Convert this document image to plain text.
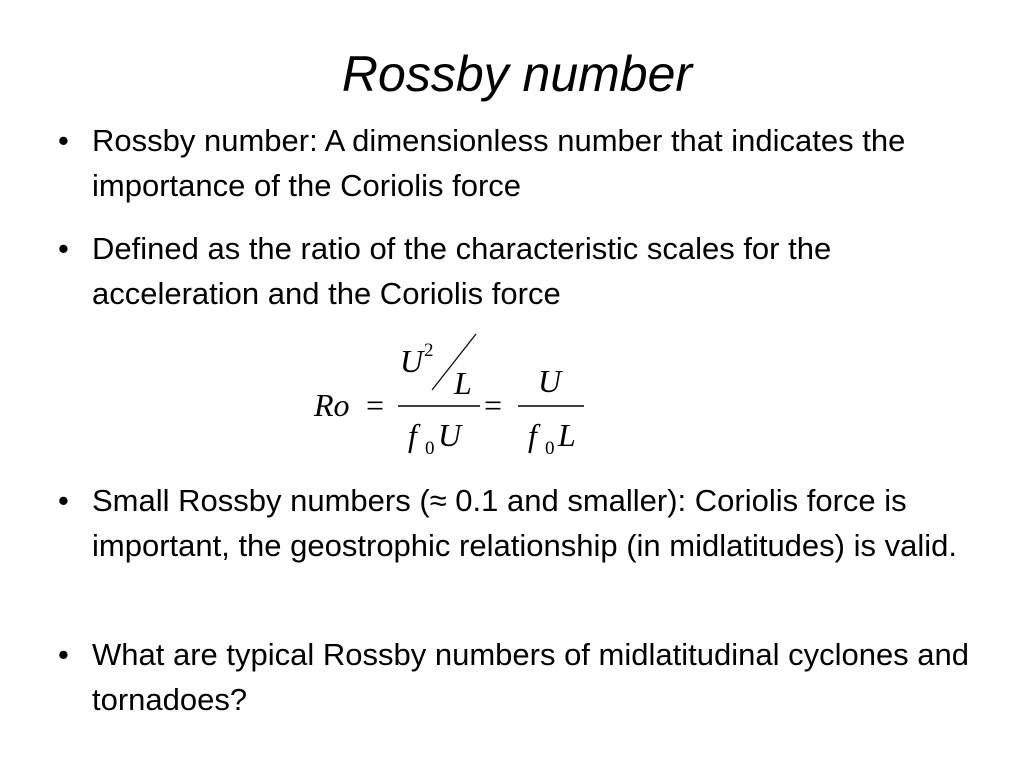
Rossby number
• Rossby number: A dimensionless number that indicates the importance of the Coriolis force
• Defined as the ratio of the characteristic scales for the acceleration and the Coriolis force
Ro =
U 2
L
f 0 U
=
U
f 0 L
• Small Rossby numbers (≈ 0.1 and smaller): Coriolis force is important, the geostrophic relationship (in midlatitudes) is valid.
• What are typical Rossby numbers of midlatitudinal cyclones and tornadoes?
